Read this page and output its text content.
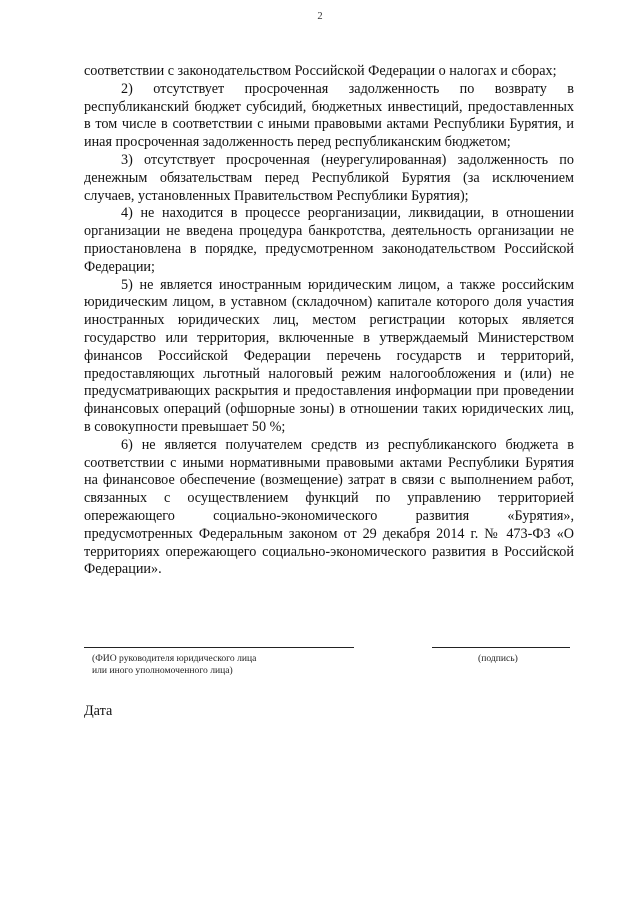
2

соответствии с законодательством Российской Федерации о налогах и сборах;

2) отсутствует просроченная задолженность по возврату в республиканский бюджет субсидий, бюджетных инвестиций, предоставленных в том числе в соответствии с иными правовыми актами Республики Бурятия, и иная просроченная задолженность перед республиканским бюджетом;

3) отсутствует просроченная (неурегулированная) задолженность по денежным обязательствам перед Республикой Бурятия (за исключением случаев, установленных Правительством Республики Бурятия);

4) не находится в процессе реорганизации, ликвидации, в отношении организации не введена процедура банкротства, деятельность организации не приостановлена в порядке, предусмотренном законодательством Российской Федерации;

5) не является иностранным юридическим лицом, а также российским юридическим лицом, в уставном (складочном) капитале которого доля участия иностранных юридических лиц, местом регистрации которых является государство или территория, включенные в утверждаемый Министерством финансов Российской Федерации перечень государств и территорий, предоставляющих льготный налоговый режим налогообложения и (или) не предусматривающих раскрытия и предоставления информации при проведении финансовых операций (офшорные зоны) в отношении таких юридических лиц, в совокупности превышает 50 %;

6) не является получателем средств из республиканского бюджета в соответствии с иными нормативными правовыми актами Республики Бурятия на финансовое обеспечение (возмещение) затрат в связи с выполнением работ, связанных с осуществлением функций по управлению территорией опережающего социально-экономического развития «Бурятия», предусмотренных Федеральным законом от 29 декабря 2014 г. № 473-ФЗ «О территориях опережающего социально-экономического развития в Российской Федерации».

(ФИО руководителя юридического лица
или иного уполномоченного лица)
(подпись)
Дата
